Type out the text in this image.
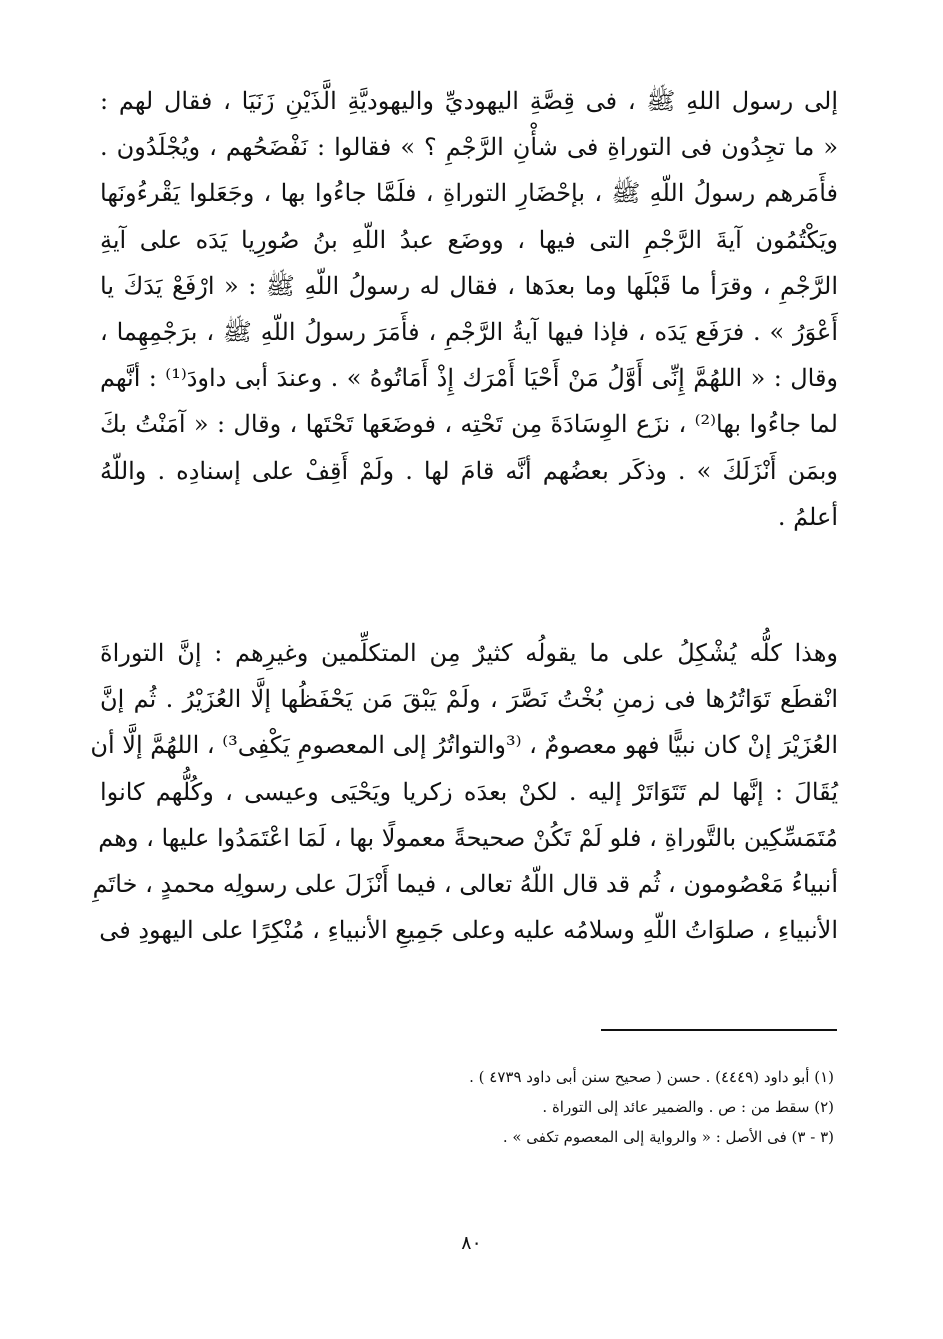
إلى رسول اللهِ ﷺ ، فى قِصَّةِ اليهوديِّ واليهوديَّةِ الَّذَيْنِ زَنَيَا ، فقال لهم :
« ما تجِدُون فى التوراةِ فى شأْنِ الرَّجْمِ ؟ » فقالوا : نَفْضَحُهم ، ويُجْلَدُون .
فأَمَرهم رسولُ اللّهِ ﷺ ، بإحْضَارِ التوراةِ ، فلَمَّا جاءُوا بها ، وجَعَلوا يَقْرءُونَها
ويَكْتُمُون آيةَ الرَّجْمِ التى فيها ، ووضَع عبدُ اللّهِ بنُ صُورِيا يَدَه على آيةِ
الرَّجْمِ ، وقرَأ ما قَبْلَها وما بعدَها ، فقال له رسولُ اللّهِ ﷺ : « ارْفَعْ يَدَكَ يا
أَعْوَرُ » . فرَفَع يَدَه ، فإذا فيها آيةُ الرَّجْمِ ، فأَمَرَ رسولُ اللّهِ ﷺ ، برَجْمِهِما ،
وقال : « اللهُمَّ إِنِّى أَوَّلُ مَنْ أَحْيَا أَمْرَك إِذْ أَمَاتُوهُ » . وعندَ أبى داودَ⁽¹⁾ : أنَّهم
لما جاءُوا بها⁽²⁾ ، نزَع الوِسَادَةَ مِن تَحْتِه ، فوضَعَها تَحْتَها ، وقال : « آمَنْتُ بكَ
وبمَن أَنْزَلَكَ » . وذكَر بعضُهم أنَّه قامَ لها . ولَمْ أَقِفْ على إسنادِه . واللّهُ
أعلمُ .
وهذا كلُّه يُشْكِلُ على ما يقولُه كثيرٌ مِن المتكلِّمين وغيرِهم : إنَّ التوراةَ
انْقطَع تَوَاتُرُها فى زمنِ بُخْتُ نَصَّرَ ، ولَمْ يَبْقَ مَن يَحْفَظُها إلَّا العُزَيْرُ . ثُم إنَّ
العُزَيْرَ إنْ كان نبيًّا فهو معصومٌ ، ⁽³والتواتُرُ إلى المعصومِ يَكْفِى³⁾ ، اللهُمَّ إلَّا أن
يُقَالَ : إنَّها لم تَتَوَاتَرْ إليه . لكنْ بعدَه زكريا ويَحْيَى وعيسى ، وكُلُّهم كانوا
مُتَمَسِّكِين بالتَّوراةِ ، فلو لَمْ تَكُنْ صحيحةً معمولًا بها ، لَمَا اعْتَمَدُوا عليها ، وهم
أنبياءُ مَعْصُومون ، ثُم قد قال اللّهُ تعالى ، فيما أَنْزَلَ على رسولِه محمدٍ ، خاتَمِ
الأنبياءِ ، صلوَاتُ اللّهِ وسلامُه عليه وعلى جَمِيعِ الأنبياءِ ، مُنْكِرًا على اليهودِ فى
(١) أبو داود (٤٤٤٩) . حسن ( صحيح سنن أبى داود ٤٧٣٩ ) .
(٢) سقط من : ص . والضمير عائد إلى التوراة .
(٣ - ٣) فى الأصل : « والرواية إلى المعصوم تكفى » .
٨٠
